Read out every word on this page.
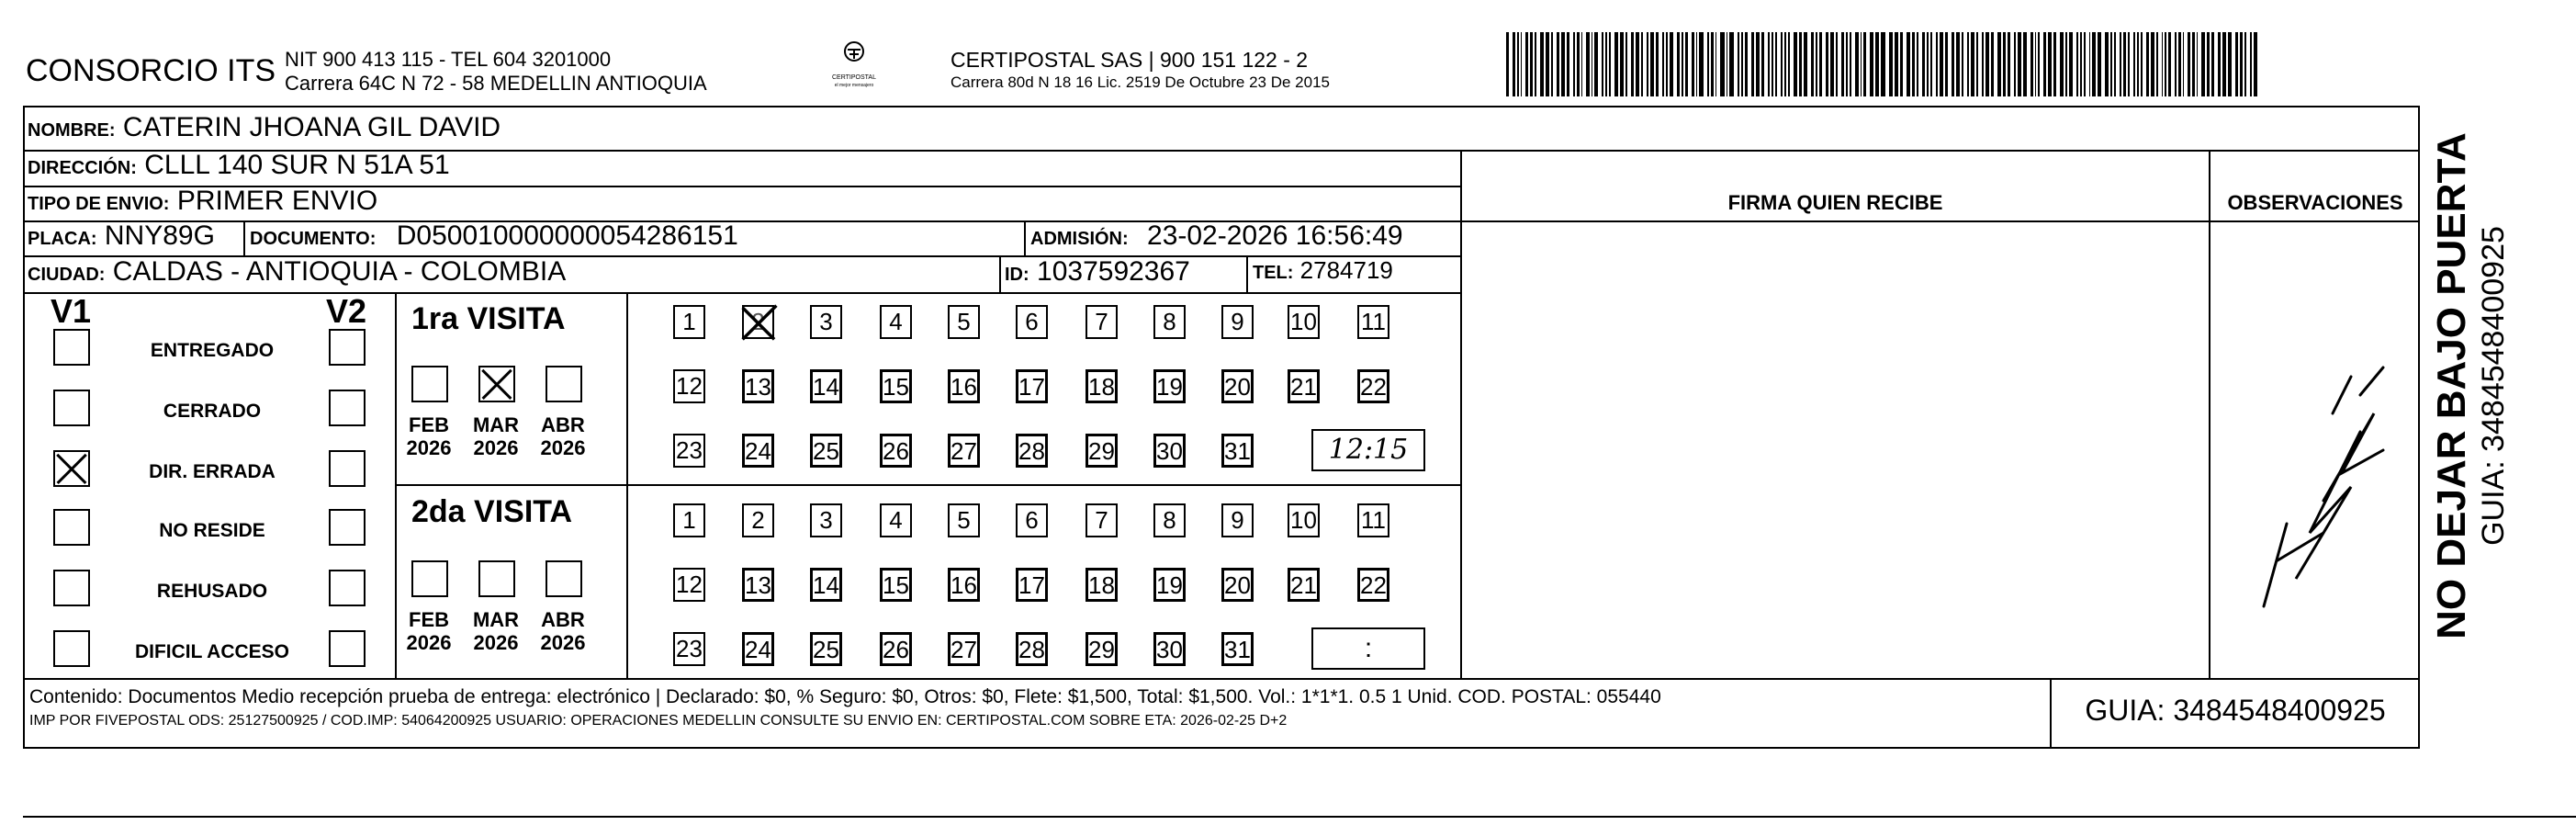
CONSORCIO ITS NIT 900 413 115 - TEL 604 3201000
Carrera 64C N 72 - 58 MEDELLIN ANTIOQUIA	CERTIPOSTAL
el mejor mensajero
CERTIPOSTAL SAS | 900 151 122 - 2
Carrera 80d N 18 16 Lic. 2519 De Octubre 23 De 2015
NOMBRE: CATERIN JHOANA GIL DAVID
DIRECCIÓN: CLLL 140 SUR N 51A 51
TIPO DE ENVIO: PRIMER ENVIO	FIRMA QUIEN RECIBE	OBSERVACIONES
PLACA: NNY89G DOCUMENTO: D050010000000054286151	ADMISIÓN: 23-02-2026 16:56:49
CIUDAD: CALDAS - ANTIOQUIA - COLOMBIA	ID: 1037592367	TEL: 2784719
V1	V2
ENTREGADO
CERRADO
DIR. ERRADA
NO RESIDE
REHUSADO
DIFICIL ACCESO
1ra VISITA
2da VISITA
FEB
2026
MAR
2026
ABR
2026
FEB
2026
MAR
2026
ABR
2026
1	2	3	4	5	6	7	8	9	10 11
12 13 14 15 16 17 18 19 20 21 22
23 24 25 26 27 28 29 30 31	12:15
1	2	3	4	5	6	7	8	9	10 11
12 13 14 15 16 17 18 19 20 21 22
23 24 25 26 27 28 29 30 31	:
Contenido: Documentos Medio recepción prueba de entrega: electrónico | Declarado: $0, % Seguro: $0, Otros: $0, Flete: $1,500, Total: $1,500. Vol.: 1*1*1. 0.5 1 Unid. COD. POSTAL: 055440
IMP POR FIVEPOSTAL ODS: 25127500925 / COD.IMP: 54064200925 USUARIO: OPERACIONES MEDELLIN CONSULTE SU ENVIO EN: CERTIPOSTAL.COM SOBRE ETA: 2026-02-25 D+2	GUIA: 3484548400925
NO DEJAR BAJO PUERTA GUIA: 3484548400925
